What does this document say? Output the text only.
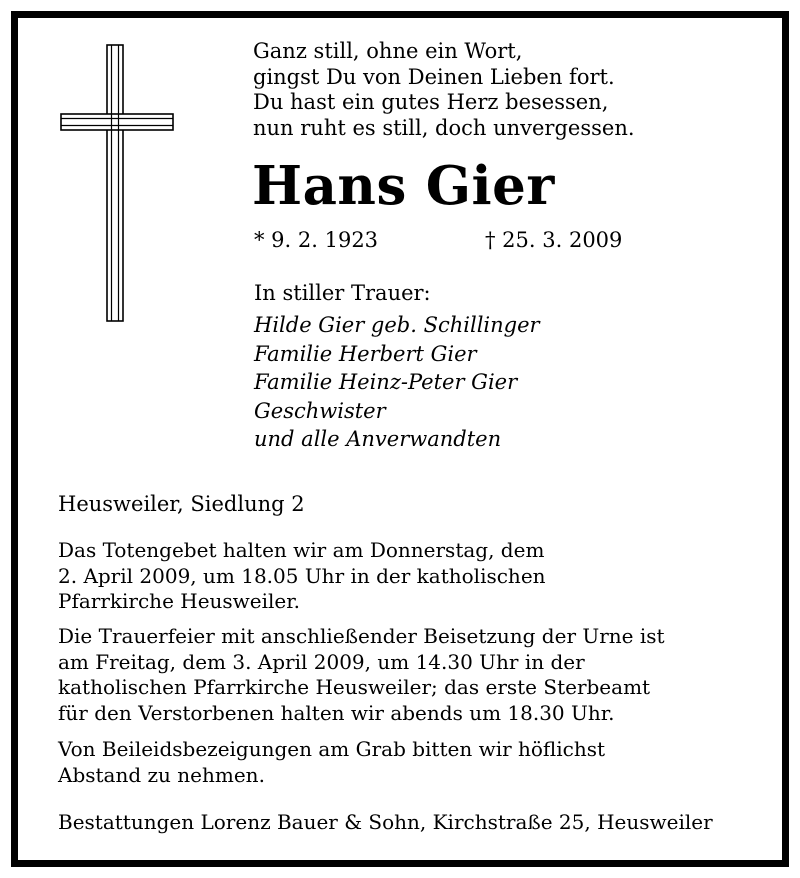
Ganz still, ohne ein Wort,
gingst Du von Deinen Lieben fort.
Du hast ein gutes Herz besessen,
nun ruht es still, doch unvergessen.
Hans Gier
* 9. 2. 1923	† 25. 3. 2009
In stiller Trauer:
Hilde Gier geb. Schillinger
Familie Herbert Gier
Familie Heinz-Peter Gier
Geschwister
und alle Anverwandten
Heusweiler, Siedlung 2
Das Totengebet halten wir am Donnerstag, dem
2. April 2009, um 18.05 Uhr in der katholischen
Pfarrkirche Heusweiler.
Die Trauerfeier mit anschließender Beisetzung der Urne ist
am Freitag, dem 3. April 2009, um 14.30 Uhr in der
katholischen Pfarrkirche Heusweiler; das erste Sterbeamt
für den Verstorbenen halten wir abends um 18.30 Uhr.
Von Beileidsbezeigungen am Grab bitten wir höflichst
Abstand zu nehmen.
Bestattungen Lorenz Bauer & Sohn, Kirchstraße 25, Heusweiler
